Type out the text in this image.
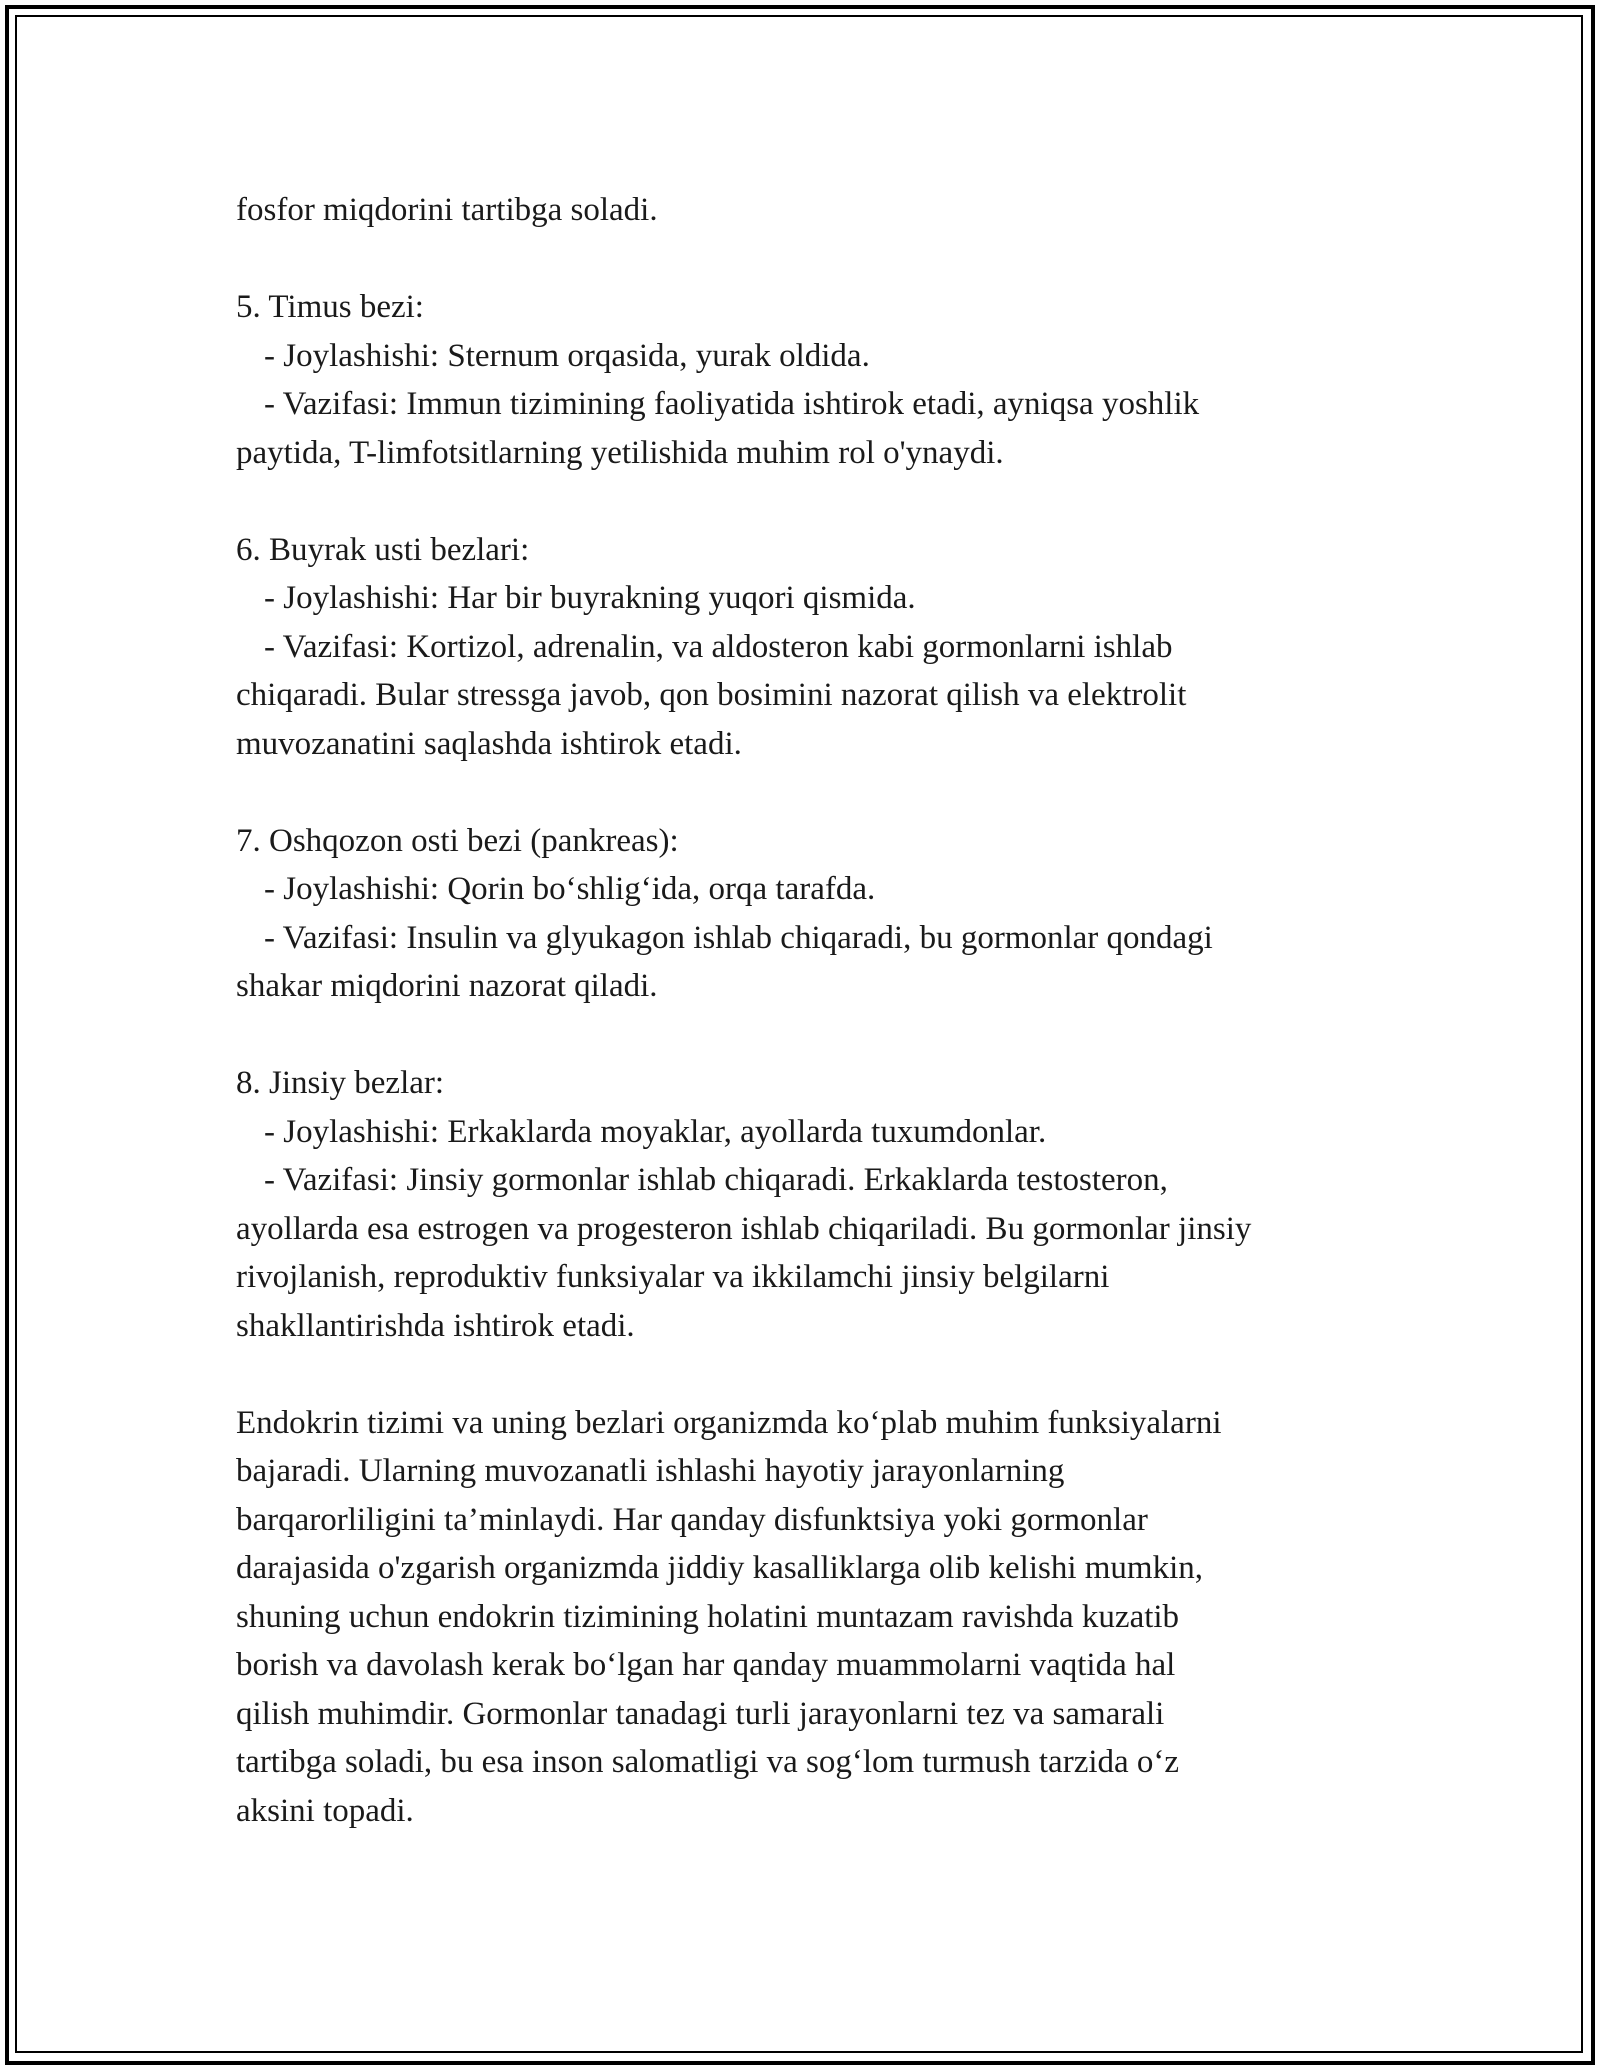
fosfor miqdorini tartibga soladi.
5. Timus bezi:
- Joylashishi: Sternum orqasida, yurak oldida.
- Vazifasi: Immun tizimining faoliyatida ishtirok etadi, ayniqsa yoshlik
paytida, T-limfotsitlarning yetilishida muhim rol o'ynaydi.
6. Buyrak usti bezlari:
- Joylashishi: Har bir buyrakning yuqori qismida.
- Vazifasi: Kortizol, adrenalin, va aldosteron kabi gormonlarni ishlab
chiqaradi. Bular stressga javob, qon bosimini nazorat qilish va elektrolit
muvozanatini saqlashda ishtirok etadi.
7. Oshqozon osti bezi (pankreas):
- Joylashishi: Qorin bo‘shlig‘ida, orqa tarafda.
- Vazifasi: Insulin va glyukagon ishlab chiqaradi, bu gormonlar qondagi
shakar miqdorini nazorat qiladi.
8. Jinsiy bezlar:
- Joylashishi: Erkaklarda moyaklar, ayollarda tuxumdonlar.
- Vazifasi: Jinsiy gormonlar ishlab chiqaradi. Erkaklarda testosteron,
ayollarda esa estrogen va progesteron ishlab chiqariladi. Bu gormonlar jinsiy
rivojlanish, reproduktiv funksiyalar va ikkilamchi jinsiy belgilarni
shakllantirishda ishtirok etadi.
Endokrin tizimi va uning bezlari organizmda ko‘plab muhim funksiyalarni
bajaradi. Ularning muvozanatli ishlashi hayotiy jarayonlarning
barqarorliligini ta’minlaydi. Har qanday disfunktsiya yoki gormonlar
darajasida o'zgarish organizmda jiddiy kasalliklarga olib kelishi mumkin,
shuning uchun endokrin tizimining holatini muntazam ravishda kuzatib
borish va davolash kerak bo‘lgan har qanday muammolarni vaqtida hal
qilish muhimdir. Gormonlar tanadagi turli jarayonlarni tez va samarali
tartibga soladi, bu esa inson salomatligi va sog‘lom turmush tarzida o‘z
aksini topadi.
